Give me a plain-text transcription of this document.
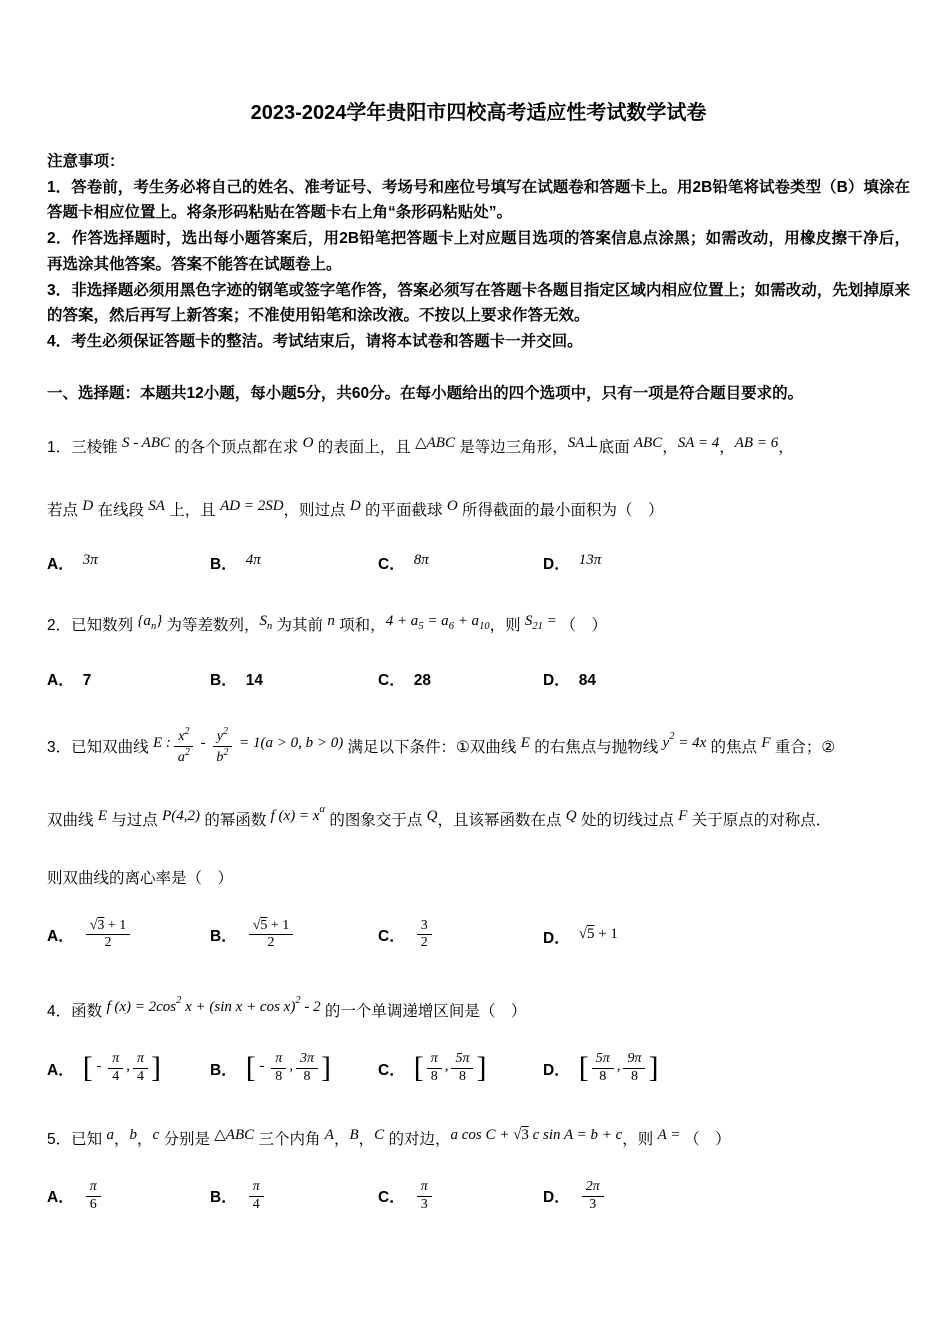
2023-2024学年贵阳市四校高考适应性考试数学试卷
注意事项：

1．答卷前，考生务必将自己的姓名、准考证号、考场号和座位号填写在试题卷和答题卡上。用2B铅笔将试卷类型（B）填涂在答题卡相应位置上。将条形码粘贴在答题卡右上角“条形码粘贴处”。

2．作答选择题时，选出每小题答案后，用2B铅笔把答题卡上对应题目选项的答案信息点涂黑；如需改动，用橡皮擦干净后，再选涂其他答案。答案不能答在试题卷上。

3．非选择题必须用黑色字迹的钢笔或签字笔作答，答案必须写在答题卡各题目指定区域内相应位置上；如需改动，先划掉原来的答案，然后再写上新答案；不准使用铅笔和涂改液。不按以上要求作答无效。

4．考生必须保证答题卡的整洁。考试结束后，请将本试卷和答题卡一并交回。

一、选择题：本题共12小题，每小题5分，共60分。在每小题给出的四个选项中，只有一项是符合题目要求的。

1．三棱锥 S - ABC 的各个顶点都在求 O 的表面上，且 △ABC 是等边三角形，SA⊥底面 ABC，SA = 4，AB = 6，

若点 D 在线段 SA 上，且 AD = 2SD，则过点 D 的平面截球 O 所得截面的最小面积为（　）

A． 3π	B． 4π	C． 8π	D． 13π

2．已知数列 {an} 为等差数列，Sn 为其前 n 项和，4 + a5 = a6 + a10，则 S21 = （　）

A． 7	B． 14	C． 28	D． 84

3．已知双曲线 E : $\frac{x^2}{a^2} - \frac{y^2}{b^2} = 1(a > 0$, b > 0) 满足以下条件：①双曲线 E 的右焦点与抛物线 $y^2 = 4x$ 的焦点 F 重合；②

双曲线 E 与过点 P(4,2) 的幂函数 f $(x) = x^\alpha$ 的图象交于点 Q，且该幂函数在点 Q 处的切线过点 F 关于原点的对称点．

则双曲线的离心率是（　）

A． $\frac{√3 + 1}{2}$	B． $\frac{√5 + 1}{2}$	C． $\frac{3}{2}$	D． √5 + 1

4．函数 f $(x) = 2\cos^2$ x + (sin x + cos x)$^2$ - 2 的一个单调递增区间是（　）

A． [ - $\frac{\pi}{4}$ , $\frac{\pi}{4}$ ]	B． [ - $\frac{\pi}{8}$ , $\frac{3\pi}{8}$ ]	C． [ $\frac{\pi}{8}$ , $\frac{5\pi}{8}$ ]	D． [ $\frac{5\pi}{8}$ , $\frac{9\pi}{8}$ ]

5．已知 a，b，c 分别是 △ABC 三个内角 A，B，C 的对边，a cos C + √3 c sin A = b + c，则 A = （　）

A． $\frac{\pi}{6}$	B． $\frac{\pi}{4}$	C． $\frac{\pi}{3}$	D． $\frac{2\pi}{3}$
